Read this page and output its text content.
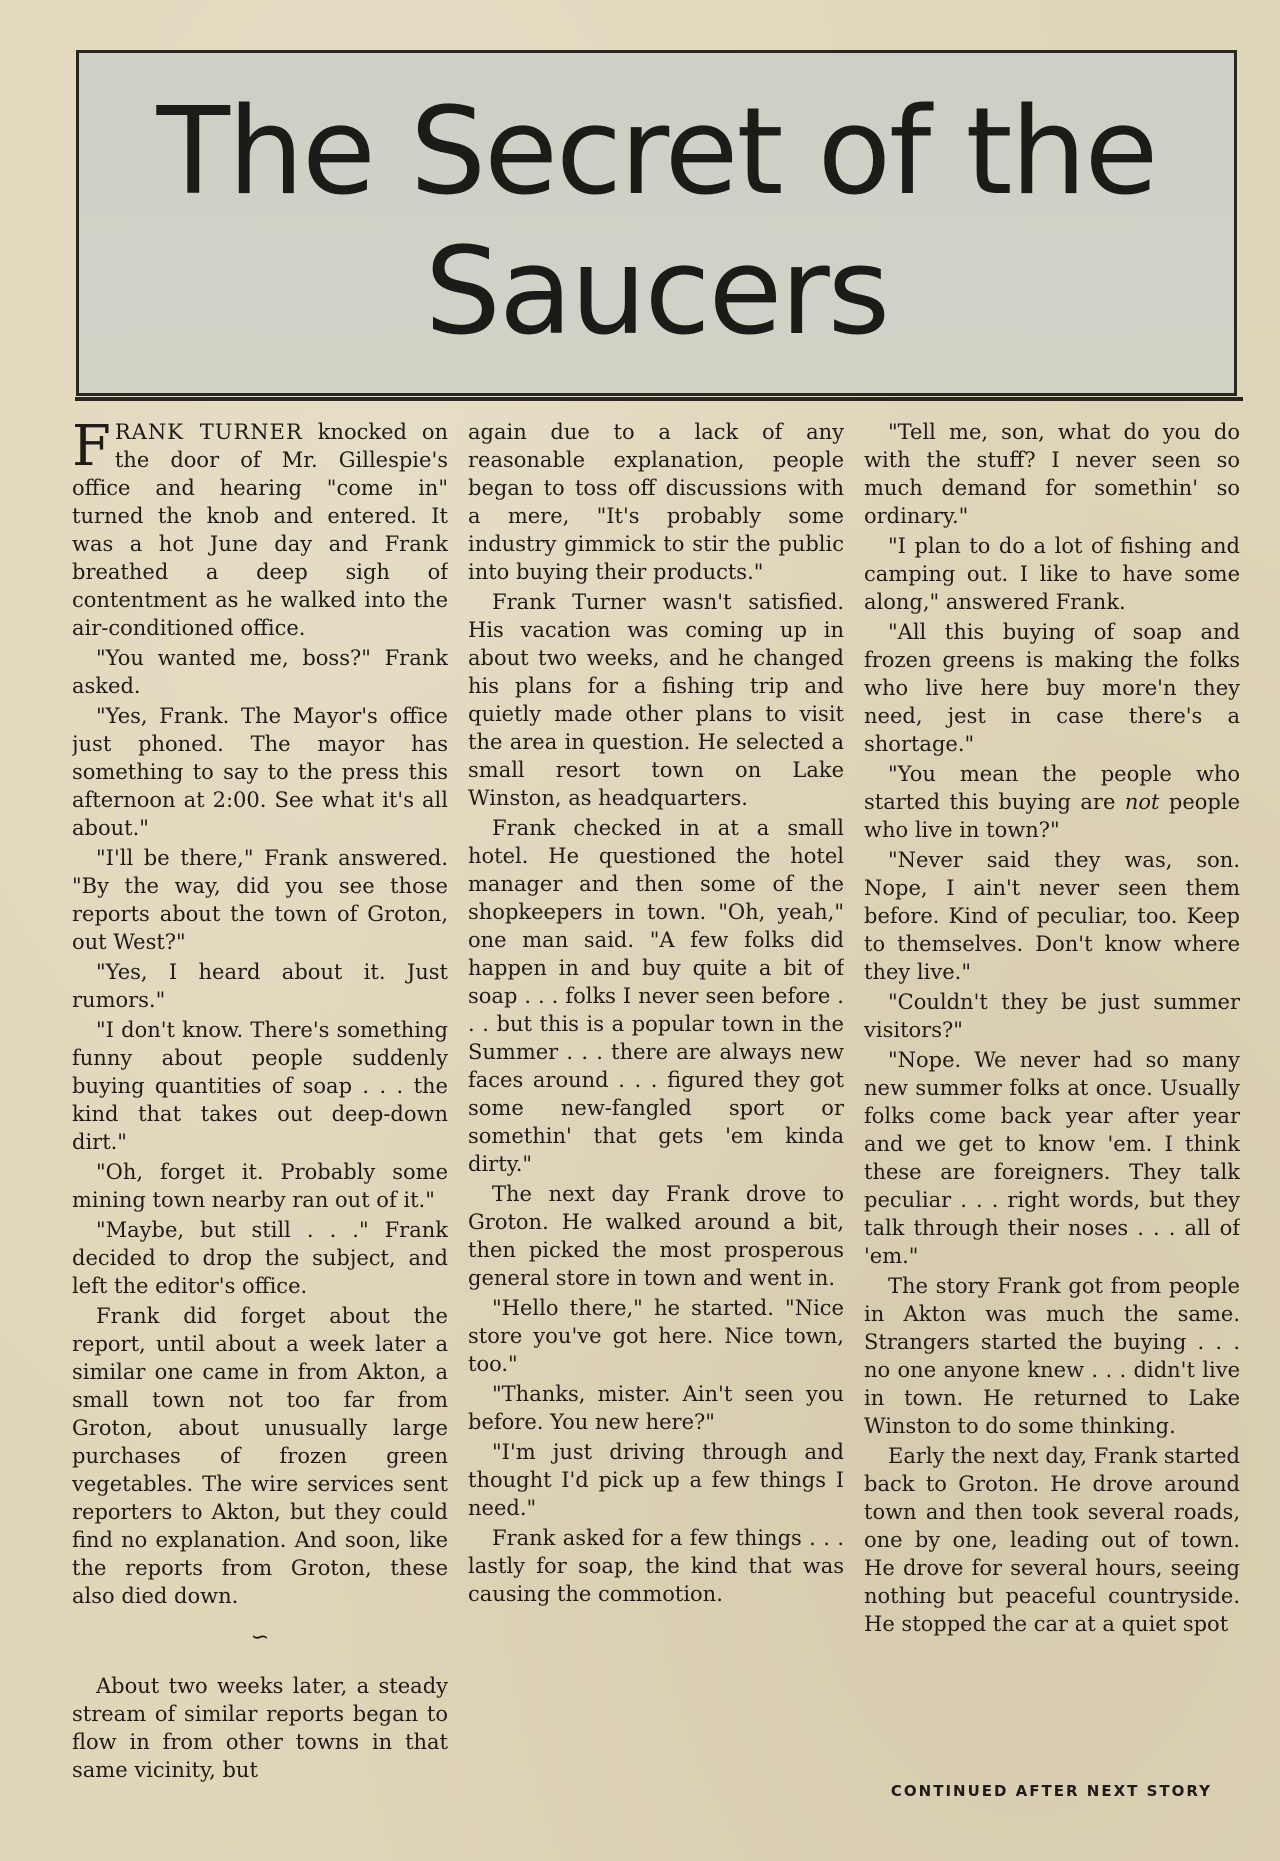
The Secret of the
Saucers

FRANK TURNER knocked on the door of Mr. Gillespie's office and hearing "come in" turned the knob and entered. It was a hot June day and Frank breathed a deep sigh of contentment as he walked into the air-conditioned office.

"You wanted me, boss?" Frank asked.

"Yes, Frank. The Mayor's office just phoned. The mayor has something to say to the press this afternoon at 2:00. See what it's all about."

"I'll be there," Frank answered. "By the way, did you see those reports about the town of Groton, out West?"

"Yes, I heard about it. Just rumors."

"I don't know. There's something funny about people suddenly buying quantities of soap . . . the kind that takes out deep-down dirt."

"Oh, forget it. Probably some mining town nearby ran out of it."

"Maybe, but still . . ." Frank decided to drop the subject, and left the editor's office.

Frank did forget about the report, until about a week later a similar one came in from Akton, a small town not too far from Groton, about unusually large purchases of frozen green vegetables. The wire services sent reporters to Akton, but they could find no explanation. And soon, like the reports from Groton, these also died down.

∽

About two weeks later, a steady stream of similar reports began to flow in from other towns in that same vicinity, but

again due to a lack of any reasonable explanation, people began to toss off discussions with a mere, "It's probably some industry gimmick to stir the public into buying their products."

Frank Turner wasn't satisfied. His vacation was coming up in about two weeks, and he changed his plans for a fishing trip and quietly made other plans to visit the area in question. He selected a small resort town on Lake Winston, as headquarters.

Frank checked in at a small hotel. He questioned the hotel manager and then some of the shopkeepers in town. "Oh, yeah," one man said. "A few folks did happen in and buy quite a bit of soap . . . folks I never seen before . . . but this is a popular town in the Summer . . . there are always new faces around . . . figured they got some new-fangled sport or somethin' that gets 'em kinda dirty."

The next day Frank drove to Groton. He walked around a bit, then picked the most prosperous general store in town and went in.

"Hello there," he started. "Nice store you've got here. Nice town, too."

"Thanks, mister. Ain't seen you before. You new here?"

"I'm just driving through and thought I'd pick up a few things I need."

Frank asked for a few things . . . lastly for soap, the kind that was causing the commotion.

"Tell me, son, what do you do with the stuff? I never seen so much demand for somethin' so ordinary."

"I plan to do a lot of fishing and camping out. I like to have some along," answered Frank.

"All this buying of soap and frozen greens is making the folks who live here buy more'n they need, jest in case there's a shortage."

"You mean the people who started this buying are not people who live in town?"

"Never said they was, son. Nope, I ain't never seen them before. Kind of peculiar, too. Keep to themselves. Don't know where they live."

"Couldn't they be just summer visitors?"

"Nope. We never had so many new summer folks at once. Usually folks come back year after year and we get to know 'em. I think these are foreigners. They talk peculiar . . . right words, but they talk through their noses . . . all of 'em."

The story Frank got from people in Akton was much the same. Strangers started the buying . . . no one anyone knew . . . didn't live in town. He returned to Lake Winston to do some thinking.

Early the next day, Frank started back to Groton. He drove around town and then took several roads, one by one, leading out of town. He drove for several hours, seeing nothing but peaceful countryside. He stopped the car at a quiet spot

CONTINUED AFTER NEXT STORY
